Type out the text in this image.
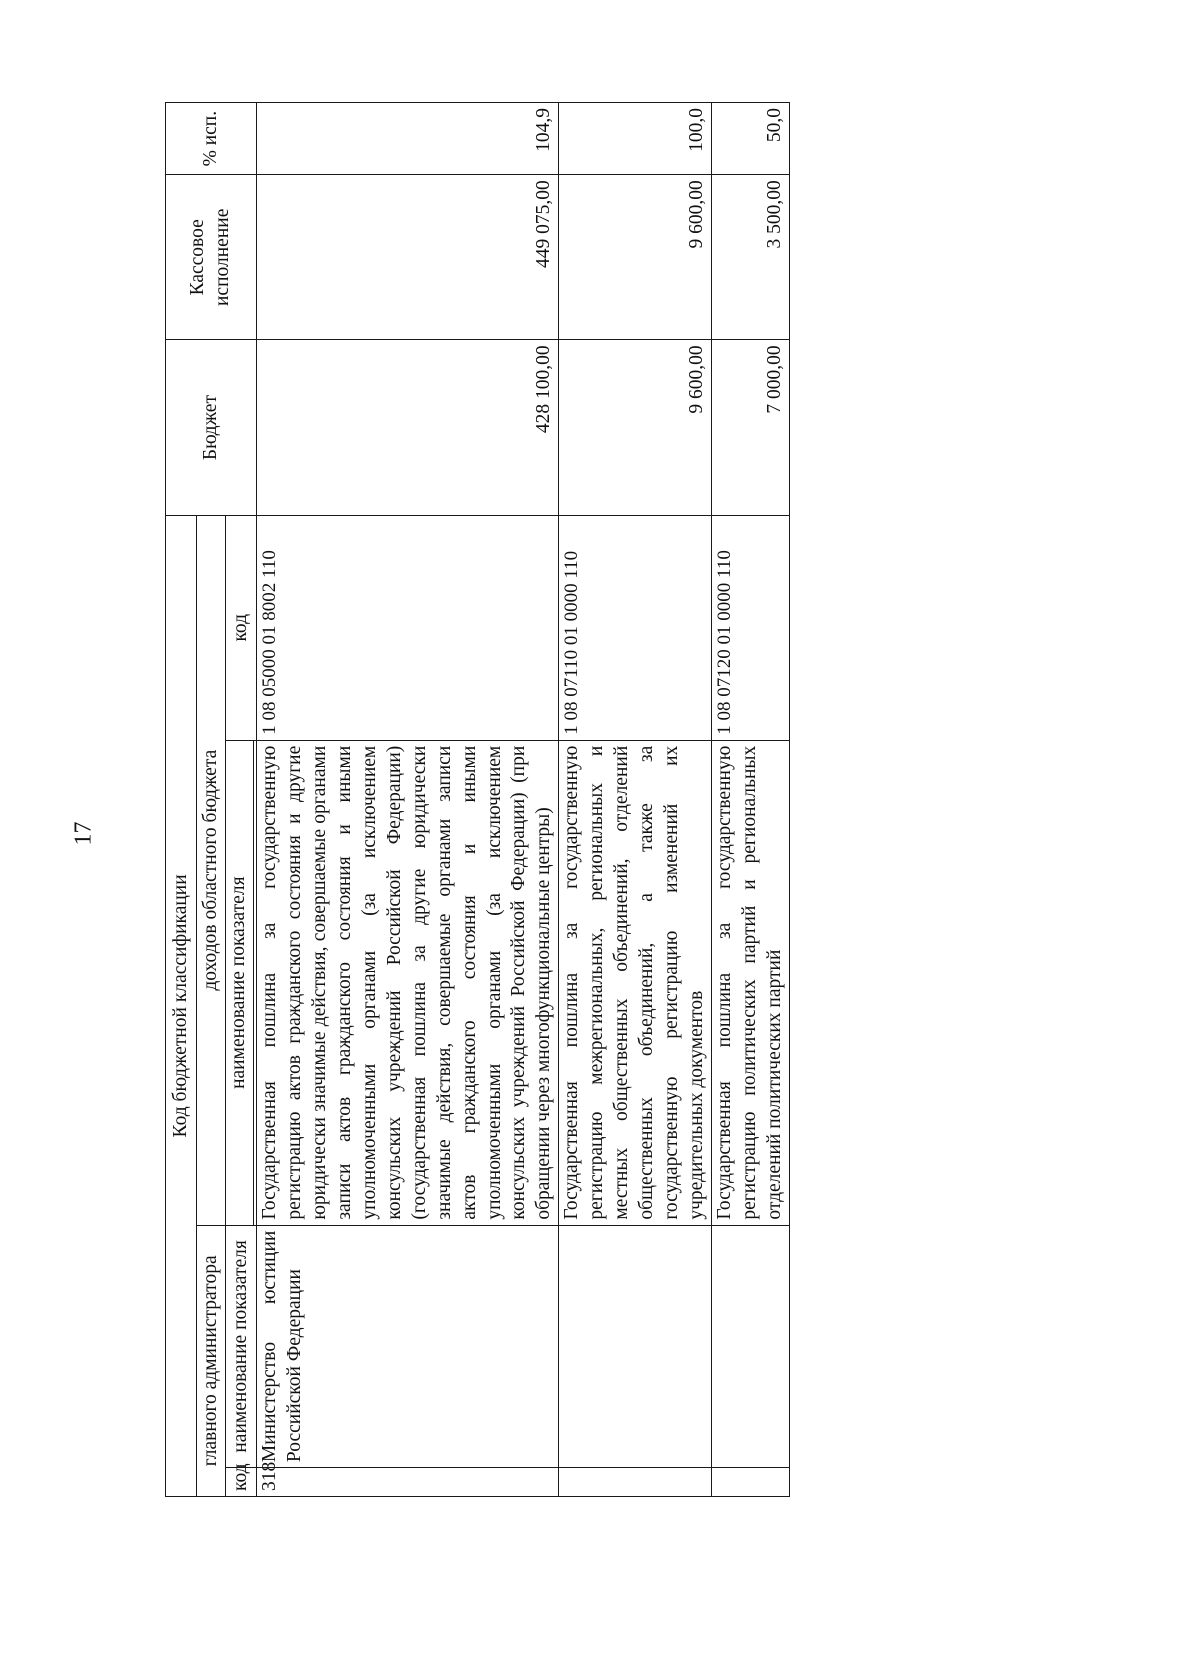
17
Код бюджетной классификации				Бюджет	Кассовое исполнение	% исп.
главного администратора		доходов областного бюджета				
код	наименование показателя	наименование показателя	код			

318	Министерство юстиции Российской Федерации	Государственная пошлина за государственную регистрацию актов гражданского состояния и другие юридически значимые действия, совершаемые органами записи актов гражданского состояния и иными уполномоченными органами (за исключением консульских учреждений Российской Федерации) (государственная пошлина за другие юридически значимые действия, совершаемые органами записи актов гражданского состояния и иными уполномоченными органами (за исключением консульских учреждений Российской Федерации) (при обращении через многофункциональные центры)	1 08 05000 01 8002 110	428 100,00	449 075,00	104,9
		Государственная пошлина за государственную регистрацию межрегиональных, региональных и местных общественных объединений, отделений общественных объединений, а также за государственную регистрацию изменений их учредительных документов	1 08 07110 01 0000 110	9 600,00	9 600,00	100,0
		Государственная пошлина за государственную регистрацию политических партий и региональных отделений политических партий	1 08 07120 01 0000 110	7 000,00	3 500,00	50,0
